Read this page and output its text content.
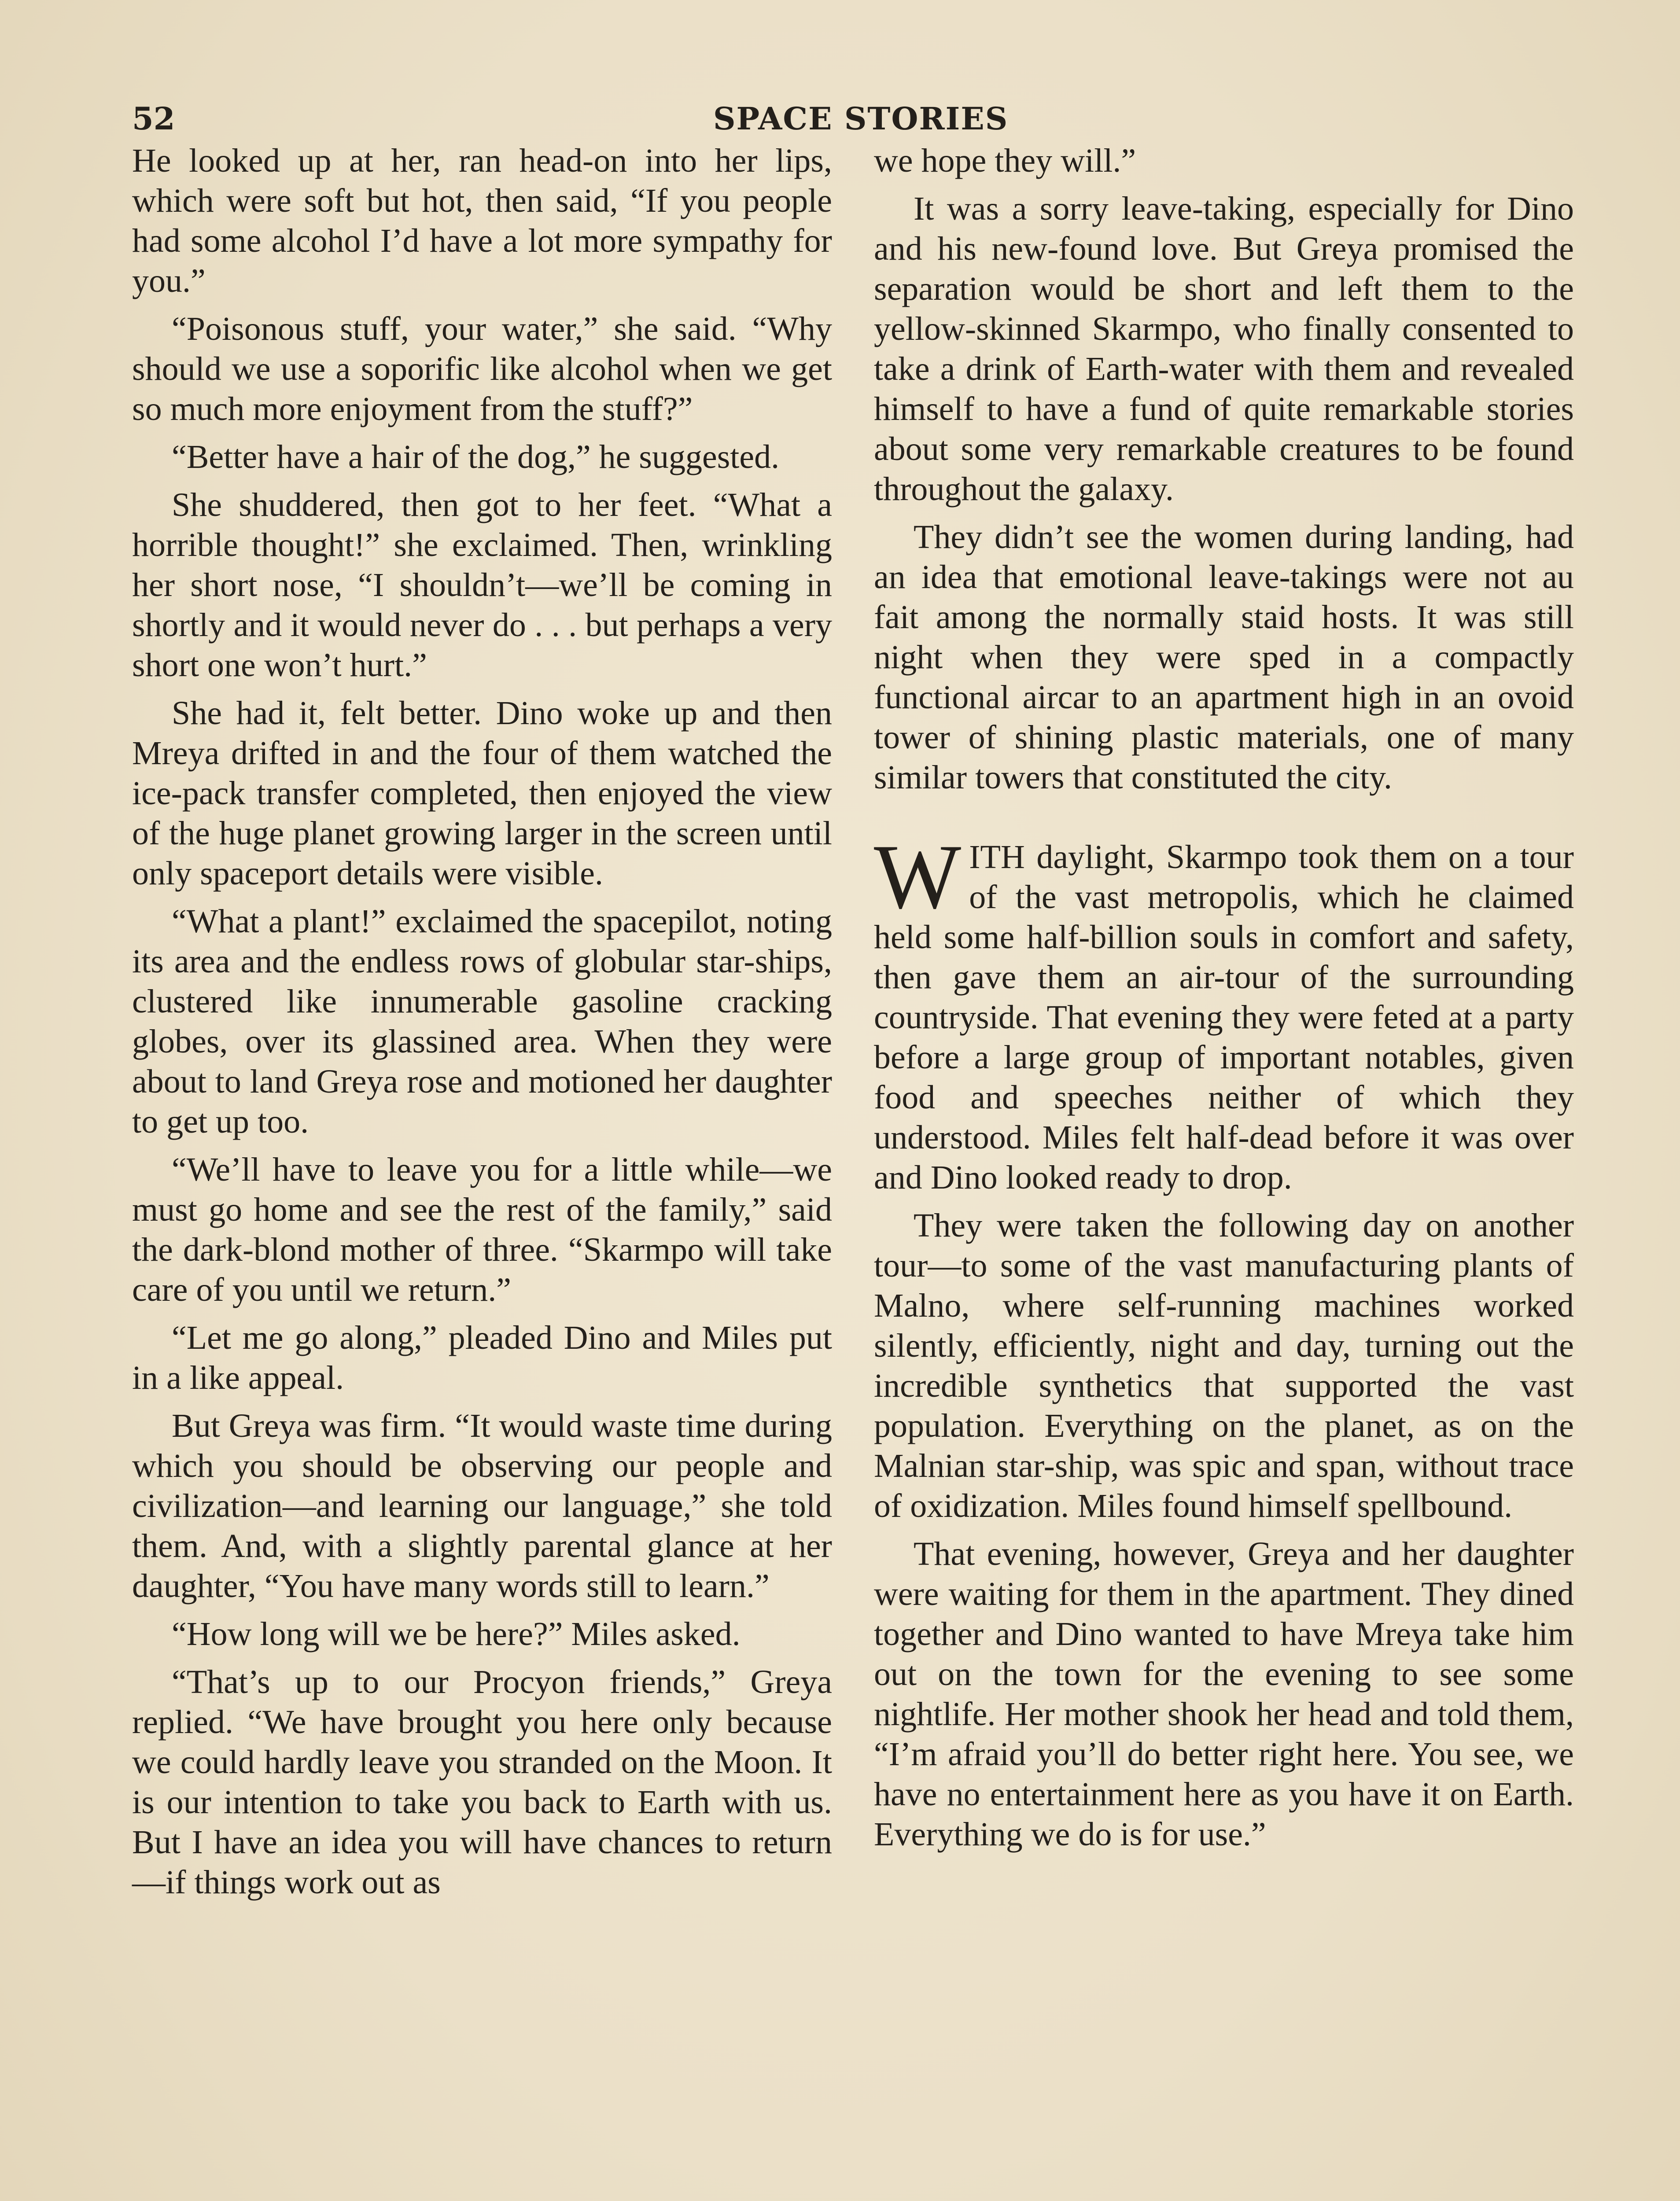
52	SPACE STORIES

He looked up at her, ran head-on into her lips, which were soft but hot, then said, “If you people had some alcohol I’d have a lot more sympathy for you.”

“Poisonous stuff, your water,” she said. “Why should we use a soporific like alcohol when we get so much more enjoyment from the stuff?”

“Better have a hair of the dog,” he suggested.

She shuddered, then got to her feet. “What a horrible thought!” she exclaimed. Then, wrinkling her short nose, “I shouldn’t—we’ll be coming in shortly and it would never do . . . but perhaps a very short one won’t hurt.”

She had it, felt better. Dino woke up and then Mreya drifted in and the four of them watched the ice-pack transfer completed, then enjoyed the view of the huge planet growing larger in the screen until only spaceport details were visible.

“What a plant!” exclaimed the spacepilot, noting its area and the endless rows of globular star-ships, clustered like innumerable gasoline cracking globes, over its glassined area. When they were about to land Greya rose and motioned her daughter to get up too.

“We’ll have to leave you for a little while—we must go home and see the rest of the family,” said the dark-blond mother of three. “Skarmpo will take care of you until we return.”

“Let me go along,” pleaded Dino and Miles put in a like appeal.

But Greya was firm. “It would waste time during which you should be observing our people and civilization—and learning our language,” she told them. And, with a slightly parental glance at her daughter, “You have many words still to learn.”

“How long will we be here?” Miles asked.

“That’s up to our Procyon friends,” Greya replied. “We have brought you here only because we could hardly leave you stranded on the Moon. It is our intention to take you back to Earth with us. But I have an idea you will have chances to return—if things work out as

we hope they will.”

It was a sorry leave-taking, especially for Dino and his new-found love. But Greya promised the separation would be short and left them to the yellow-skinned Skarmpo, who finally consented to take a drink of Earth-water with them and revealed himself to have a fund of quite remarkable stories about some very remarkable creatures to be found throughout the galaxy.

They didn’t see the women during landing, had an idea that emotional leave-takings were not au fait among the normally staid hosts. It was still night when they were sped in a compactly functional aircar to an apartment high in an ovoid tower of shining plastic materials, one of many similar towers that constituted the city.

WITH daylight, Skarmpo took them on a tour of the vast metropolis, which he claimed held some half-billion souls in comfort and safety, then gave them an air-tour of the surrounding countryside. That evening they were feted at a party before a large group of important notables, given food and speeches neither of which they understood. Miles felt half-dead before it was over and Dino looked ready to drop.

They were taken the following day on another tour—to some of the vast manufacturing plants of Malno, where self-running machines worked silently, efficiently, night and day, turning out the incredible synthetics that supported the vast population. Everything on the planet, as on the Malnian star-ship, was spic and span, without trace of oxidization. Miles found himself spellbound.

That evening, however, Greya and her daughter were waiting for them in the apartment. They dined together and Dino wanted to have Mreya take him out on the town for the evening to see some nightlife. Her mother shook her head and told them, “I’m afraid you’ll do better right here. You see, we have no entertainment here as you have it on Earth. Everything we do is for use.”
